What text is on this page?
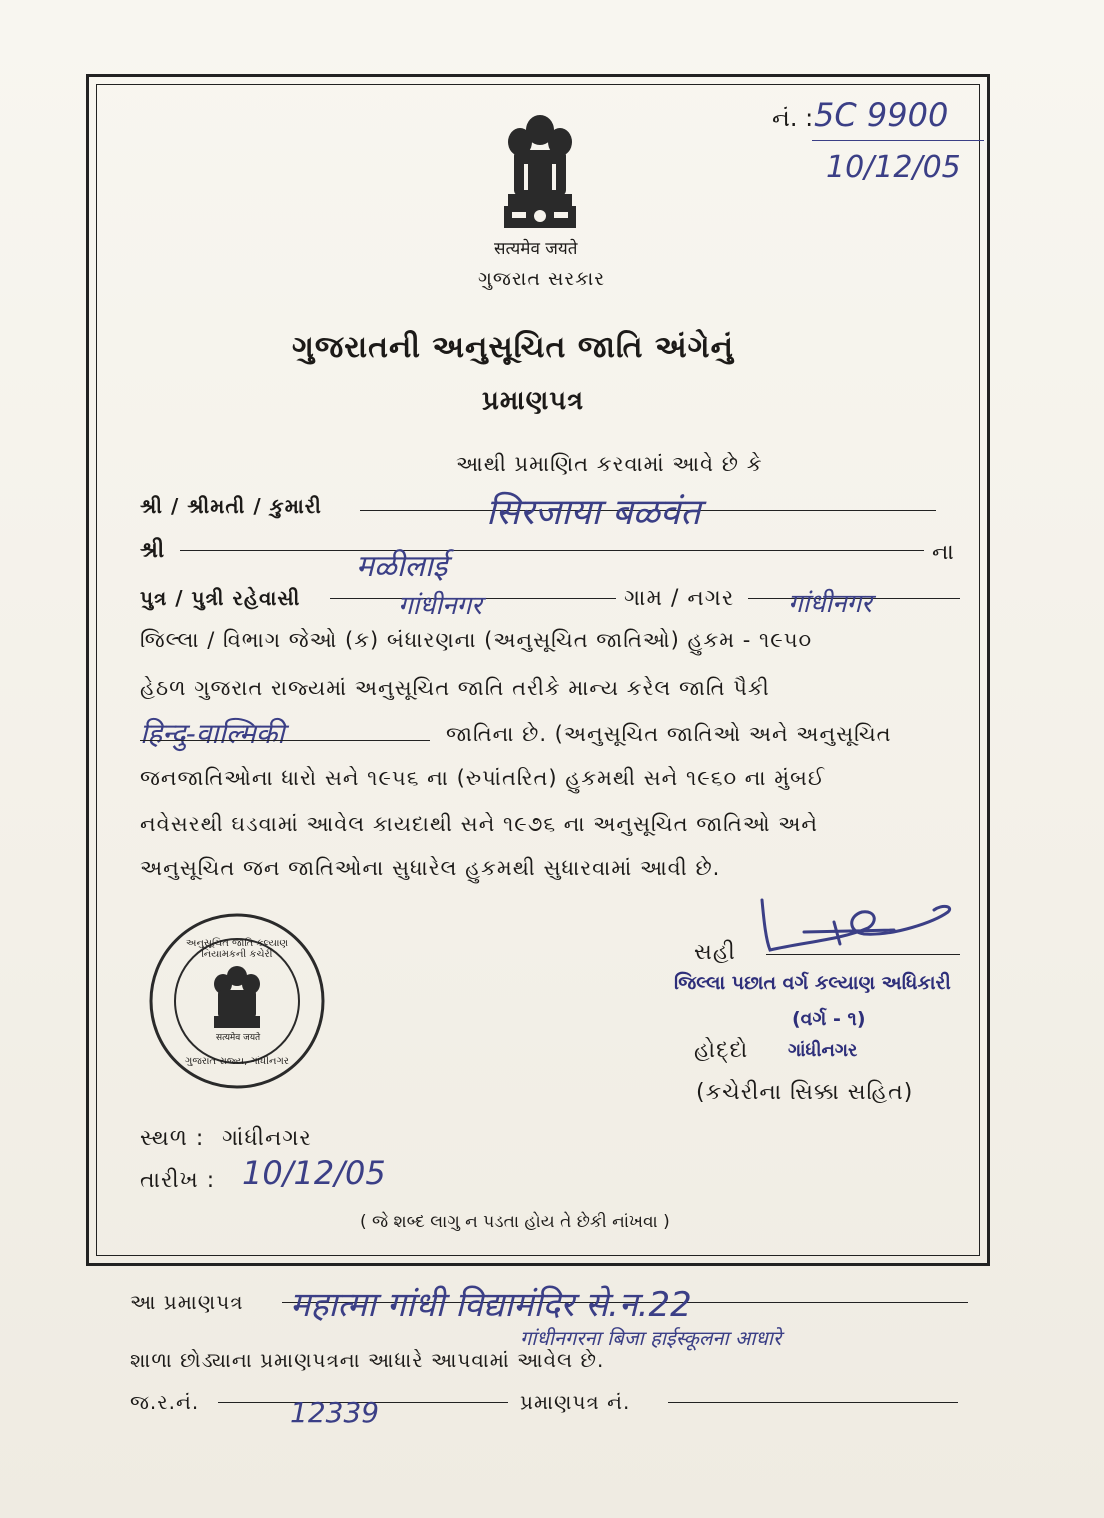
નં. : 5C 9900
10/12/05
सत्यमेव जयते
ગુજરાત સરકાર
ગુજરાતની અનુસૂચિત જાતિ અંગેનું
પ્રમાણપત્ર
આથી પ્રમાણિત કરવામાં આવે છે કે
શ્રી / શ્રીમતી / કુમારી	सिरजाया बळवंत
શ્રી	मळीलाई	ના
પુત્ર / પુત્રી રહેવાસી	गांधीनगर	ગામ / નગર गांधीनगर
જિલ્લા / વિભાગ જેઓ (ક) બંધારણના (અનુસૂચિત જાતિઓ) હુકમ - ૧૯૫૦
હેઠળ ગુજરાત રાજ્યમાં અનુસૂચિત જાતિ તરીકે માન્ય કરેલ જાતિ પૈકી
हिन्दु-वाल्मिकी	જાતિના છે. (અનુસૂચિત જાતિઓ અને અનુસૂચિત
જનજાતિઓના ધારો સને ૧૯૫૬ ના (રુપાંતરિત) હુકમથી સને ૧૯૬૦ ના મુંબઈ
નવેસરથી ઘડવામાં આવેલ કાયદાથી સને ૧૯૭૬ ના અનુસૂચિત જાતિઓ અને
અનુસૂચિત જન જાતિઓના સુધારેલ હુકમથી સુધારવામાં આવી છે.
અનુસૂચિત જાતિ કલ્યાણ નિયામકની કચેરી
सत्यमेव जयते
ગુજરાત રાજ્ય, ગાંધીનગર
સહી
જિલ્લા પછાત વર્ગ કલ્યાણ અધિકારી
(વર્ગ - ૧)
હોદ્દો ગાંધીનગર
(કચેરીના સિક્કા સહિત)
સ્થળ : ગાંધીનગર
તારીખ : 10/12/05
( જે શબ્દ લાગુ ન પડતા હોય તે છેકી નાંખવા )
આ પ્રમાણપત્ર महात्मा गांधी विद्यामंदिर से.न.22
गांधीनगरना बिजा हाईस्कूलना आधारे
શાળા છોડ્યાના પ્રમાણપત્રના આધારે આપવામાં આવેલ છે.
જ.ર.નં.	12339	પ્રમાણપત્ર નં.
